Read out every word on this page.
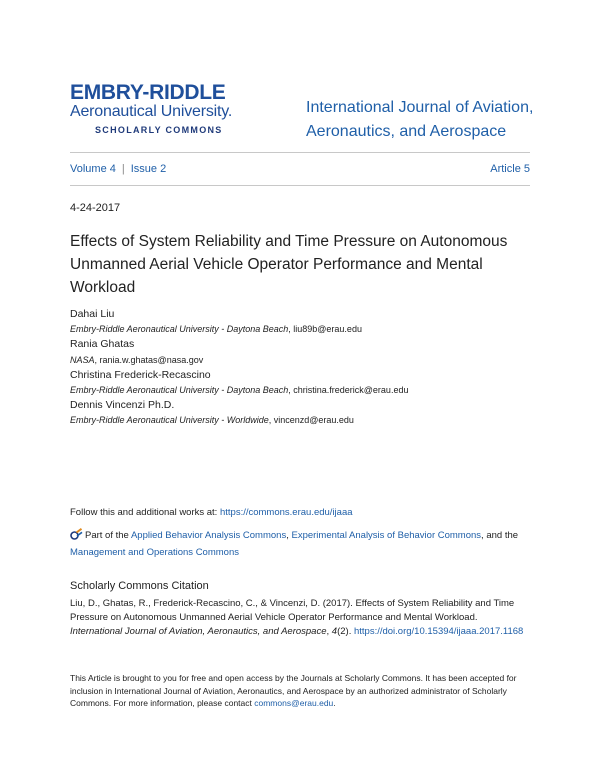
EMBRY-RIDDLE
Aeronautical University.
SCHOLARLY COMMONS
International Journal of Aviation,
Aeronautics, and Aerospace
Volume 4 | Issue 2	Article 5
4-24-2017
Effects of System Reliability and Time Pressure on Autonomous Unmanned Aerial Vehicle Operator Performance and Mental Workload
Dahai Liu
Embry-Riddle Aeronautical University - Daytona Beach, liu89b@erau.edu
Rania Ghatas
NASA, rania.w.ghatas@nasa.gov
Christina Frederick-Recascino
Embry-Riddle Aeronautical University - Daytona Beach, christina.frederick@erau.edu
Dennis Vincenzi Ph.D.
Embry-Riddle Aeronautical University - Worldwide, vincenzd@erau.edu
Follow this and additional works at: https://commons.erau.edu/ijaaa
Part of the Applied Behavior Analysis Commons, Experimental Analysis of Behavior Commons, and the Management and Operations Commons
Scholarly Commons Citation
Liu, D., Ghatas, R., Frederick-Recascino, C., & Vincenzi, D. (2017). Effects of System Reliability and Time Pressure on Autonomous Unmanned Aerial Vehicle Operator Performance and Mental Workload. International Journal of Aviation, Aeronautics, and Aerospace, 4(2). https://doi.org/10.15394/ijaaa.2017.1168
This Article is brought to you for free and open access by the Journals at Scholarly Commons. It has been accepted for inclusion in International Journal of Aviation, Aeronautics, and Aerospace by an authorized administrator of Scholarly Commons. For more information, please contact commons@erau.edu.
